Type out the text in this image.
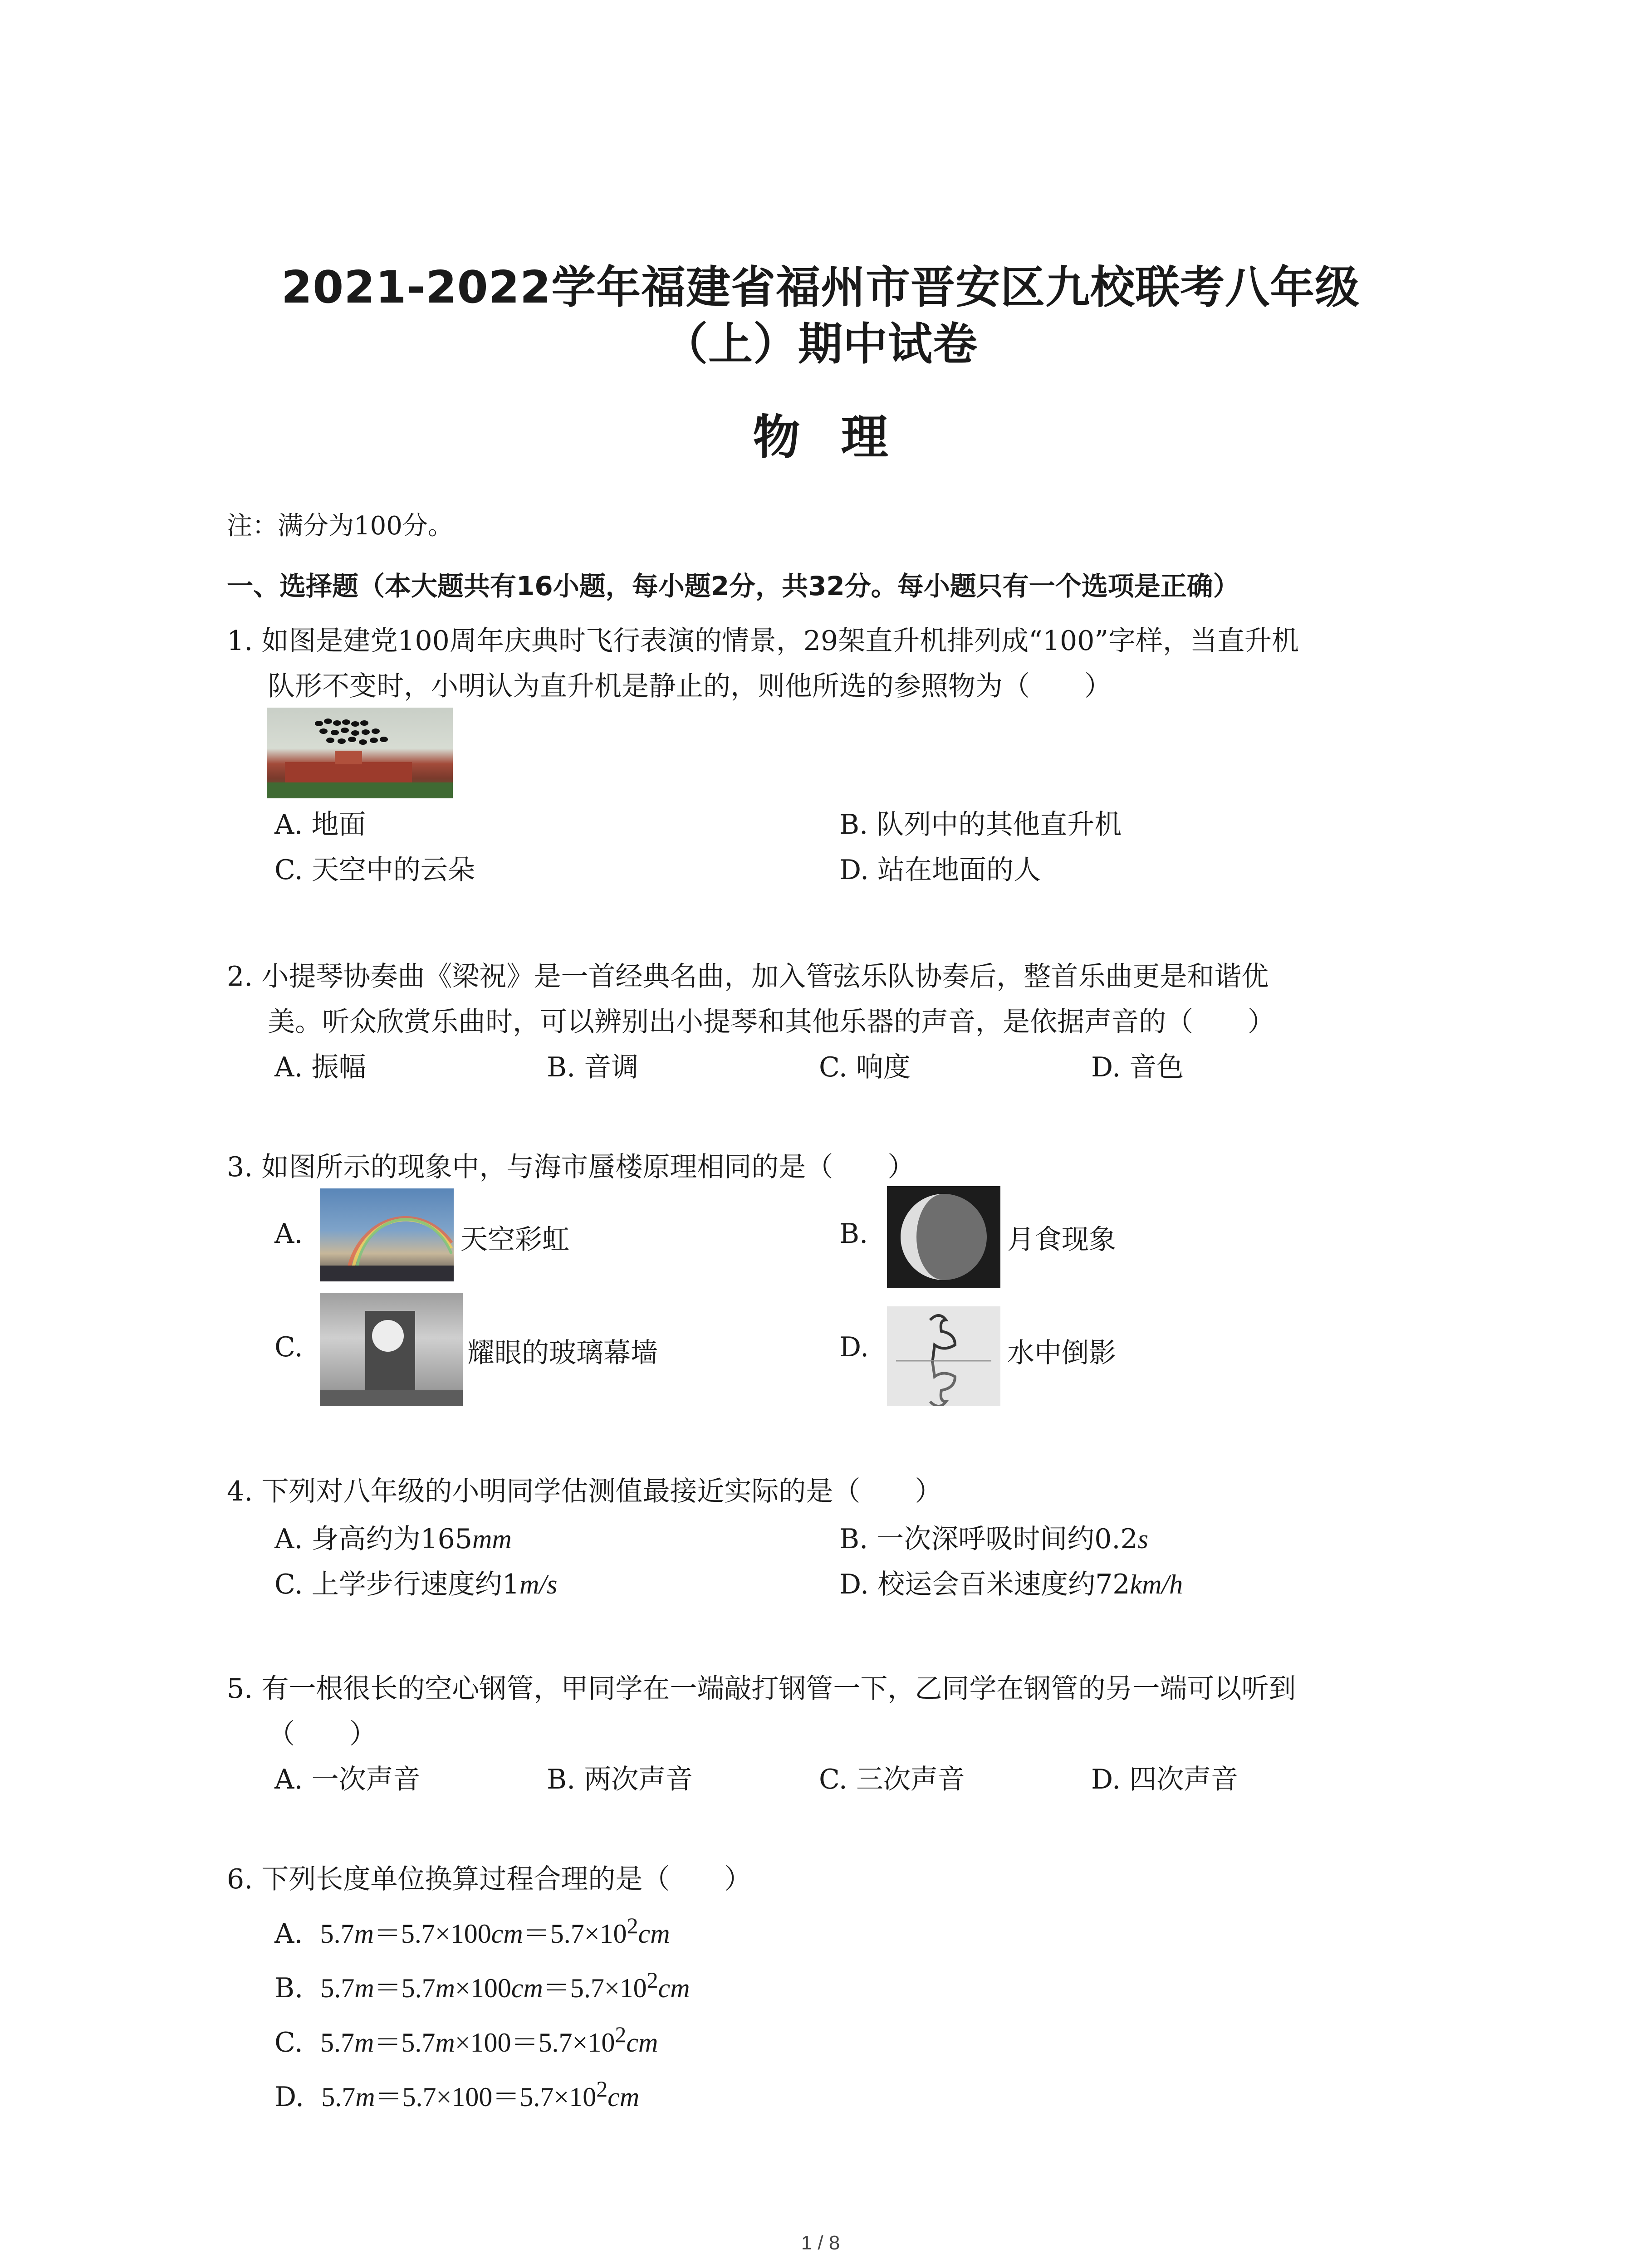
2021-2022学年福建省福州市晋安区九校联考八年级
（上）期中试卷
物理
注：满分为100分。
一、选择题（本大题共有16小题，每小题2分，共32分。每小题只有一个选项是正确）
1. 如图是建党100周年庆典时飞行表演的情景，29架直升机排列成“100”字样，当直升机
队形不变时，小明认为直升机是静止的，则他所选的参照物为（　　）
A. 地面	B. 队列中的其他直升机
C. 天空中的云朵	D. 站在地面的人
2. 小提琴协奏曲《梁祝》是一首经典名曲，加入管弦乐队协奏后，整首乐曲更是和谐优
美。听众欣赏乐曲时，可以辨别出小提琴和其他乐器的声音，是依据声音的（　　）
A. 振幅	B. 音调	C. 响度	D. 音色
3. 如图所示的现象中，与海市蜃楼原理相同的是（　　）
A.	天空彩虹	B.	月食现象
C.	耀眼的玻璃幕墙	D.	水中倒影
4. 下列对八年级的小明同学估测值最接近实际的是（　　）
A. 身高约为165mm	B. 一次深呼吸时间约0.2s
C. 上学步行速度约1m/s	D. 校运会百米速度约72km/h
5. 有一根很长的空心钢管，甲同学在一端敲打钢管一下，乙同学在钢管的另一端可以听到
（　　）
A. 一次声音	B. 两次声音	C. 三次声音	D. 四次声音
6. 下列长度单位换算过程合理的是（　　）
A. $5.7m=5.7\times 100cm=5.7\times 10^2cm$
B. $5.7m=5.7m\times 100cm=5.7\times 10^2cm$
C. $5.7m=5.7m\times 100=5.7\times 10^2cm$
D. $5.7m=5.7\times 100=5.7\times 10^2cm$
1 / 8
